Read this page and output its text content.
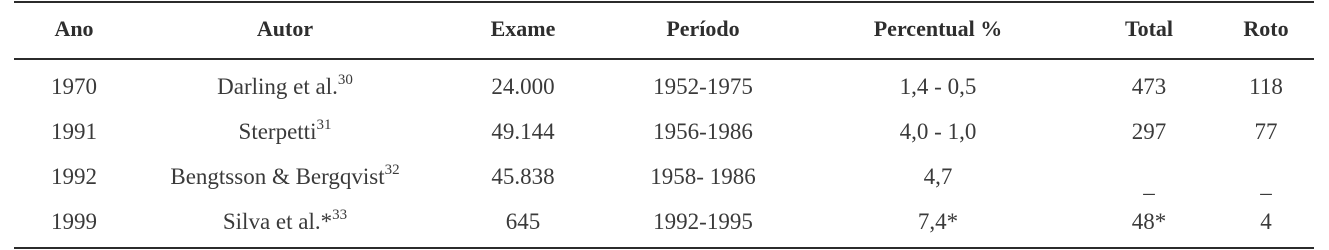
Ano	Autor	Exame	Período	Percentual %	Total	Roto
1970	Darling et al.$^{30}$	24.000	1952-1975	1,4 - 0,5	473	118
1991	Sterpetti$^{31}$	49.144	1956-1986	4,0 - 1,0	297	77
1992	Bengtsson & Bergqvist$^{32}$	45.838	1958- 1986	4,7	_	_
1999	Silva et al.*$^{33}$	645	1992-1995	7,4*	48*	4
